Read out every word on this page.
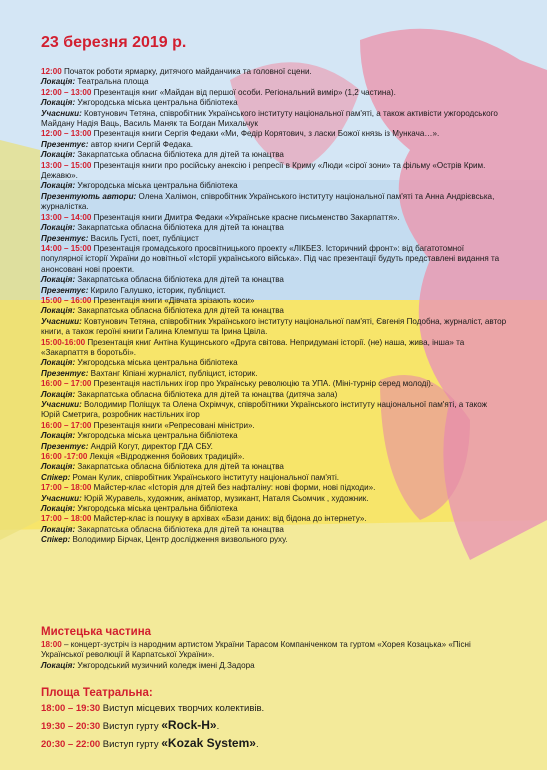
23 березня 2019 р.

12:00 Початок роботи ярмарку, дитячого майданчика та головної сцени.

Локація: Театральна площа

12:00 – 13:00 Презентація книг «Майдан від першої особи. Регіональний вимір» (1,2 частина).

Локація: Ужгородська міська центральна бібліотека

Учасники: Ковтунович Тетяна, співробітник Українського інституту національної пам'яті, а також активісти ужгородського Майдану Надія Ваць, Василь Маняк та Богдан Михальчук

12:00 – 13:00 Презентація книги Сергія Федаки «Ми, Федір Корятович, з ласки Божої князь із Мункача…».

Презентує: автор книги Сергій Федака.

Локація: Закарпатська обласна бібліотека для дітей та юнацтва

13:00 – 15:00 Презентація книги про російську анексію і репресії в Криму «Люди «сірої зони» та фільму «Острів Крим. Дежавю».

Локація: Ужгородська міська центральна бібліотека

Презентують автори: Олена Халімон, співробітник Українського інституту національної пам'яті та Анна Андрієвська, журналістка.

13:00 – 14:00 Презентація книги Дмитра Федаки «Українське красне письменство Закарпаття».

Локація: Закарпатська обласна бібліотека для дітей та юнацтва

Презентує: Василь Густі, поет, публіцист

14:00 – 15:00 Презентація громадського просвітницького проекту «ЛІКБЕЗ. Історичний фронт»: від багатотомної популярної історії України до новітньої «Історії українського війська». Під час презентації будуть представлені видання та анонсовані нові проекти.

Локація: Закарпатська обласна бібліотека для дітей та юнацтва

Презентує: Кирило Галушко, історик, публіцист.

15:00 – 16:00 Презентація книги «Дівчата зрізають коси»

Локація: Закарпатська обласна бібліотека для дітей та юнацтва

Учасники: Ковтунович Тетяна, співробітник Українського інституту національної пам'яті, Євгенія Подобна, журналіст, автор книги, а також героїні книги Галина Клемпуш та Ірина Цвіла.

15:00-16:00 Презентація книг Антіна Кущинського «Друга світова. Непридумані історії. (не) наша, жива, інша» та «Закарпаття в боротьбі».

Локація: Ужгородська міська центральна бібліотека

Презентує: Вахтанг Кіпіані журналіст, публіцист, історик.

16:00 – 17:00 Презентація настільних ігор про Українську революцію та УПА. (Міні-турнір серед молоді).

Локація: Закарпатська обласна бібліотека для дітей та юнацтва (дитяча зала)

Учасники: Володимир Поліщук та Олена Охрімчук, співробітники Українського інституту національної пам'яті, а також Юрій Сметрига, розробник настільних ігор

16:00 – 17:00 Презентація книги «Репресовані міністри».

Локація: Ужгородська міська центральна бібліотека

Презентує: Андрій Когут, директор ГДА СБУ.

16:00 -17:00 Лекція «Відродження бойових традицій».

Локація: Закарпатська обласна бібліотека для дітей та юнацтва

Спікер: Роман Кулик, співробітник Українського інституту національної пам'яті.

17:00 – 18:00 Майстер-клас «Історія для дітей без нафталіну: нові форми, нові підходи».

Учасники: Юрій Журавель, художник, аніматор, музикант, Наталя Сьомчик , художник.

Локація: Ужгородська міська центральна бібліотека

17:00 – 18:00 Майстер-клас із пошуку в архівах «Бази даних: від бідона до інтернету».

Локація: Закарпатська обласна бібліотека для дітей та юнацтва

Спікер: Володимир Бірчак, Центр дослідження визвольного руху.

Мистецька частина

18:00 – концерт-зустріч із народним артистом України Тарасом Компаніченком та гуртом «Хорея Козацька» «Пісні Української революції й Карпатської України».

Локація: Ужгородський музичний коледж імені Д.Задора

Площа Театральна:

18:00 – 19:30 Виступ місцевих творчих колективів.

19:30 – 20:30 Виступ гурту «Rock-H».

20:30 – 22:00 Виступ гурту «Kozak System».
